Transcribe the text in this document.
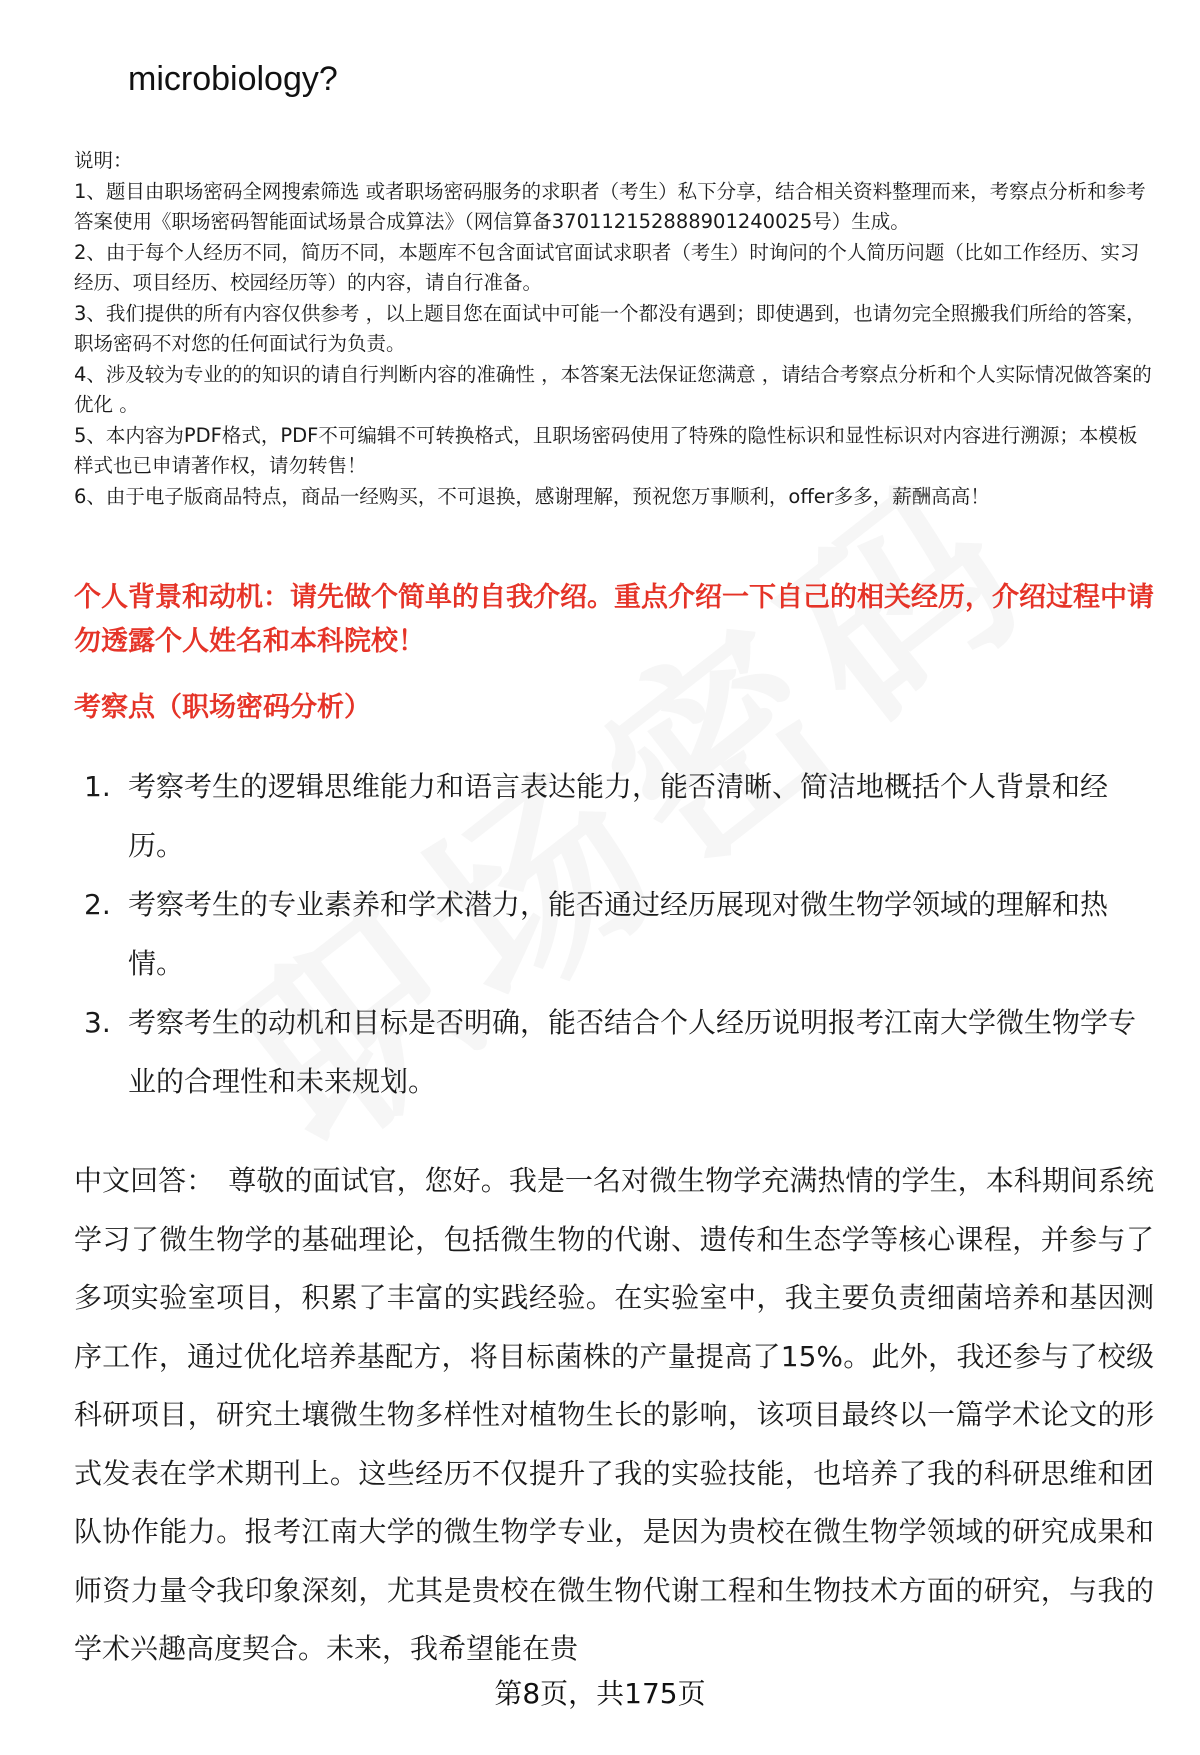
microbiology?

说明：

1、题目由职场密码全网搜索筛选 或者职场密码服务的求职者（考生）私下分享，结合相关资料整理而来，考察点分析和参考答案使用《职场密码智能面试场景合成算法》（网信算备370112152888901240025号）生成。

2、由于每个人经历不同，简历不同，本题库不包含面试官面试求职者（考生）时询问的个人简历问题（比如工作经历、实习经历、项目经历、校园经历等）的内容，请自行准备。

3、我们提供的所有内容仅供参考 ，以上题目您在面试中可能一个都没有遇到；即使遇到，也请勿完全照搬我们所给的答案，职场密码不对您的任何面试行为负责。

4、涉及较为专业的的知识的请自行判断内容的准确性 ，本答案无法保证您满意 ，请结合考察点分析和个人实际情况做答案的优化 。

5、本内容为PDF格式，PDF不可编辑不可转换格式，且职场密码使用了特殊的隐性标识和显性标识对内容进行溯源；本模板样式也已申请著作权，请勿转售！

6、由于电子版商品特点，商品一经购买，不可退换，感谢理解，预祝您万事顺利，offer多多，薪酬高高！

个人背景和动机：请先做个简单的自我介绍。重点介绍一下自己的相关经历，介绍过程中请勿透露个人姓名和本科院校！
考察点（职场密码分析）
1. 考察考生的逻辑思维能力和语言表达能力，能否清晰、简洁地概括个人背景和经历。
2. 考察考生的专业素养和学术潜力，能否通过经历展现对微生物学领域的理解和热情。
3. 考察考生的动机和目标是否明确，能否结合个人经历说明报考江南大学微生物学专业的合理性和未来规划。
中文回答： 尊敬的面试官，您好。我是一名对微生物学充满热情的学生，本科期间系统学习了微生物学的基础理论，包括微生物的代谢、遗传和生态学等核心课程，并参与了多项实验室项目，积累了丰富的实践经验。在实验室中，我主要负责细菌培养和基因测序工作，通过优化培养基配方，将目标菌株的产量提高了15%。此外，我还参与了校级科研项目，研究土壤微生物多样性对植物生长的影响，该项目最终以一篇学术论文的形式发表在学术期刊上。这些经历不仅提升了我的实验技能，也培养了我的科研思维和团队协作能力。报考江南大学的微生物学专业，是因为贵校在微生物学领域的研究成果和师资力量令我印象深刻，尤其是贵校在微生物代谢工程和生物技术方面的研究，与我的学术兴趣高度契合。未来，我希望能在贵
第8页，共175页
